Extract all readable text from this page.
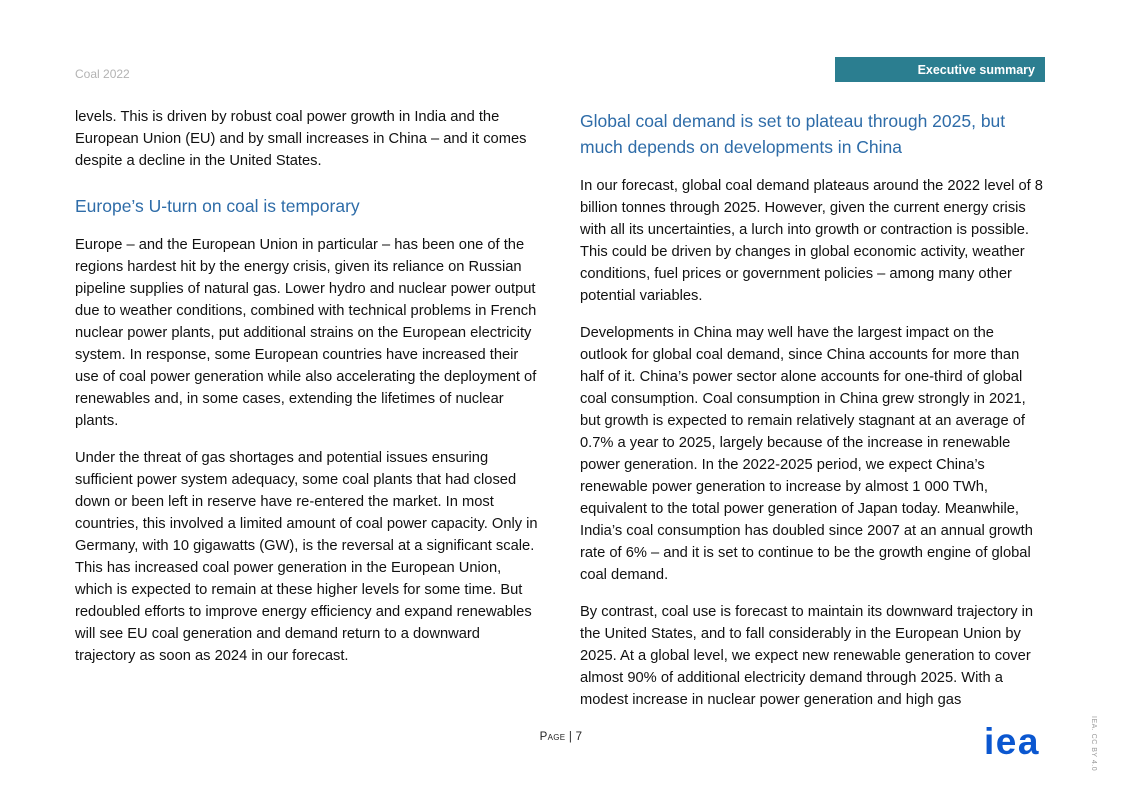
Coal 2022	Executive summary

levels. This is driven by robust coal power growth in India and the European Union (EU) and by small increases in China – and it comes despite a decline in the United States.

Europe’s U-turn on coal is temporary

Europe – and the European Union in particular – has been one of the regions hardest hit by the energy crisis, given its reliance on Russian pipeline supplies of natural gas. Lower hydro and nuclear power output due to weather conditions, combined with technical problems in French nuclear power plants, put additional strains on the European electricity system. In response, some European countries have increased their use of coal power generation while also accelerating the deployment of renewables and, in some cases, extending the lifetimes of nuclear plants.

Under the threat of gas shortages and potential issues ensuring sufficient power system adequacy, some coal plants that had closed down or been left in reserve have re-entered the market. In most countries, this involved a limited amount of coal power capacity. Only in Germany, with 10 gigawatts (GW), is the reversal at a significant scale. This has increased coal power generation in the European Union, which is expected to remain at these higher levels for some time. But redoubled efforts to improve energy efficiency and expand renewables will see EU coal generation and demand return to a downward trajectory as soon as 2024 in our forecast.

Global coal demand is set to plateau through 2025, but much depends on developments in China

In our forecast, global coal demand plateaus around the 2022 level of 8 billion tonnes through 2025. However, given the current energy crisis with all its uncertainties, a lurch into growth or contraction is possible. This could be driven by changes in global economic activity, weather conditions, fuel prices or government policies – among many other potential variables.

Developments in China may well have the largest impact on the outlook for global coal demand, since China accounts for more than half of it. China’s power sector alone accounts for one-third of global coal consumption. Coal consumption in China grew strongly in 2021, but growth is expected to remain relatively stagnant at an average of 0.7% a year to 2025, largely because of the increase in renewable power generation. In the 2022-2025 period, we expect China’s renewable power generation to increase by almost 1 000 TWh, equivalent to the total power generation of Japan today. Meanwhile, India’s coal consumption has doubled since 2007 at an annual growth rate of 6% – and it is set to continue to be the growth engine of global coal demand.

By contrast, coal use is forecast to maintain its downward trajectory in the United States, and to fall considerably in the European Union by 2025. At a global level, we expect new renewable generation to cover almost 90% of additional electricity demand through 2025. With a modest increase in nuclear power generation and high gas

Page | 7	iea	IEA. CC BY 4.0
